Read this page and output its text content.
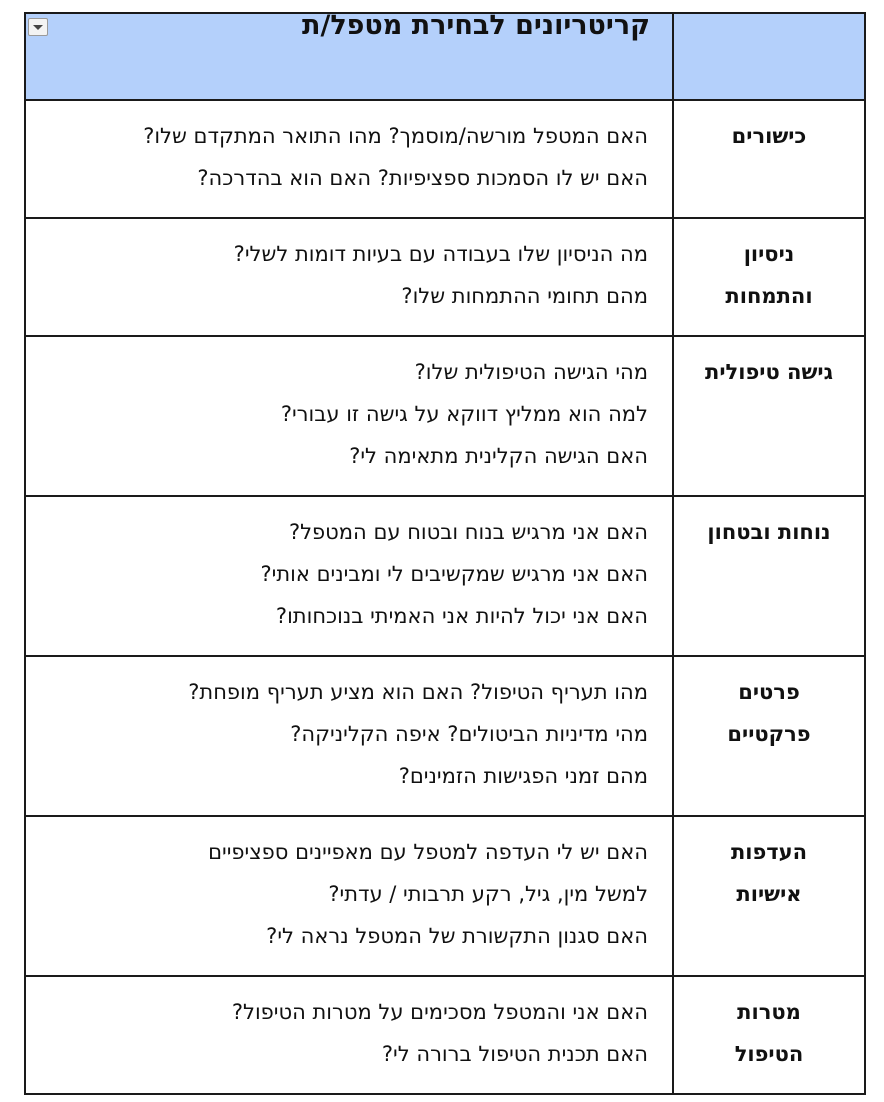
	קריטריונים לבחירת מטפל/ת

כישורים	האם המטפל מורשה/מוסמך? מהו התואר המתקדם שלו?
האם יש לו הסמכות ספציפיות? האם הוא בהדרכה?

ניסיון
והתמחות	מה הניסיון שלו בעבודה עם בעיות דומות לשלי?
מהם תחומי ההתמחות שלו?

גישה טיפולית	מהי הגישה הטיפולית שלו?
למה הוא ממליץ דווקא על גישה זו עבורי?
האם הגישה הקלינית מתאימה לי?

נוחות ובטחון	האם אני מרגיש בנוח ובטוח עם המטפל?
האם אני מרגיש שמקשיבים לי ומבינים אותי?
האם אני יכול להיות אני האמיתי בנוכחותו?

פרטים
פרקטיים	מהו תעריף הטיפול? האם הוא מציע תעריף מופחת?
מהי מדיניות הביטולים? איפה הקליניקה?
מהם זמני הפגישות הזמינים?

העדפות
אישיות	האם יש לי העדפה למטפל עם מאפיינים ספציפיים
למשל מין, גיל, רקע תרבותי / עדתי?
האם סגנון התקשורת של המטפל נראה לי?

מטרות
הטיפול	האם אני והמטפל מסכימים על מטרות הטיפול?
האם תכנית הטיפול ברורה לי?
